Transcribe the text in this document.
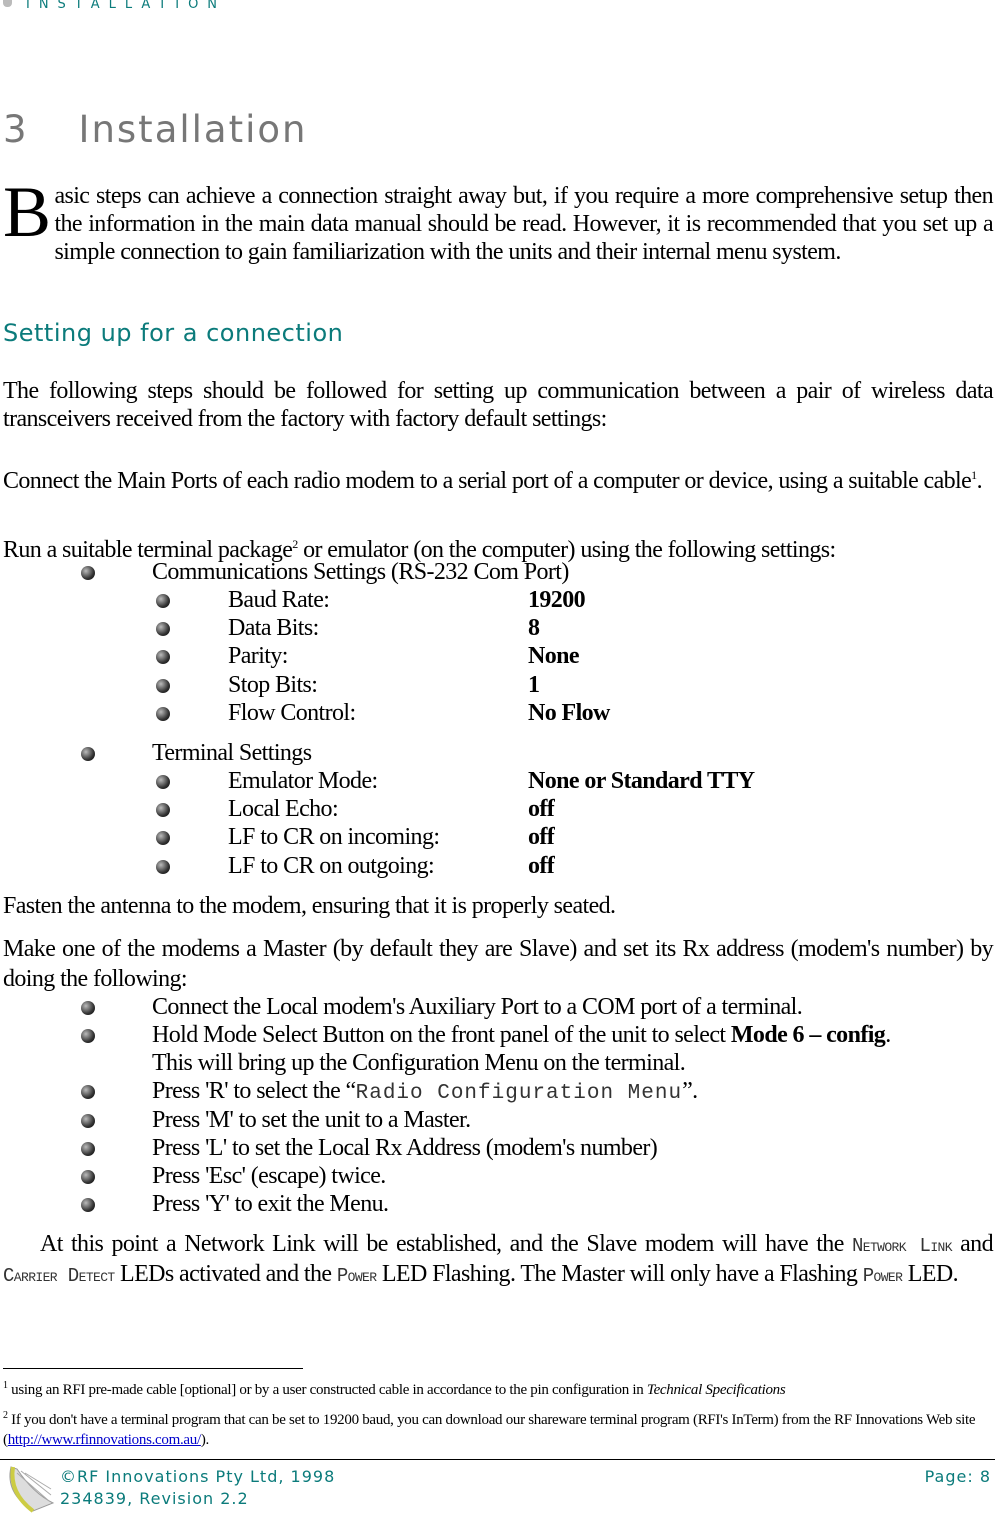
INSTALLATION
3 Installation
Basic steps can achieve a connection straight away but, if you require a more comprehensive setup then the information in the main data manual should be read. However, it is recommended that you set up a simple connection to gain familiarization with the units and their internal menu system.
Setting up for a connection
The following steps should be followed for setting up communication between a pair of wireless data transceivers received from the factory with factory default settings:
Connect the Main Ports of each radio modem to a serial port of a computer or device, using a suitable cable$^1$.
Run a suitable terminal package$^2$ or emulator (on the computer) using the following settings:
Communications Settings (RS-232 Com Port)
Baud Rate:	19200
Data Bits:	8
Parity:	None
Stop Bits:	1
Flow Control:	No Flow
Terminal Settings
Emulator Mode:	None or Standard TTY
Local Echo:	off
LF to CR on incoming:	off
LF to CR on outgoing:	off
Fasten the antenna to the modem, ensuring that it is properly seated.
Make one of the modems a Master (by default they are Slave) and set its Rx address (modem's number) by doing the following:
Connect the Local modem's Auxiliary Port to a COM port of a terminal.
Hold Mode Select Button on the front panel of the unit to select Mode 6 – config.
This will bring up the Configuration Menu on the terminal.
Press 'R' to select the “Radio Configuration Menu”.
Press 'M' to set the unit to a Master.
Press 'L' to set the Local Rx Address (modem's number)
Press 'Esc' (escape) twice.
Press 'Y' to exit the Menu.
At this point a Network Link will be established, and the Slave modem will have the Network Link and Carrier Detect LEDs activated and the Power LED Flashing. The Master will only have a Flashing Power LED.
$^1$ using an RFI pre-made cable [optional] or by a user constructed cable in accordance to the pin configuration in Technical Specifications
$^2$ If you don't have a terminal program that can be set to 19200 baud, you can download our shareware terminal program (RFI's InTerm) from the RF Innovations Web site (http://www.rfinnovations.com.au/).
©RF Innovations Pty Ltd, 1998
234839, Revision 2.2
Page: 8
